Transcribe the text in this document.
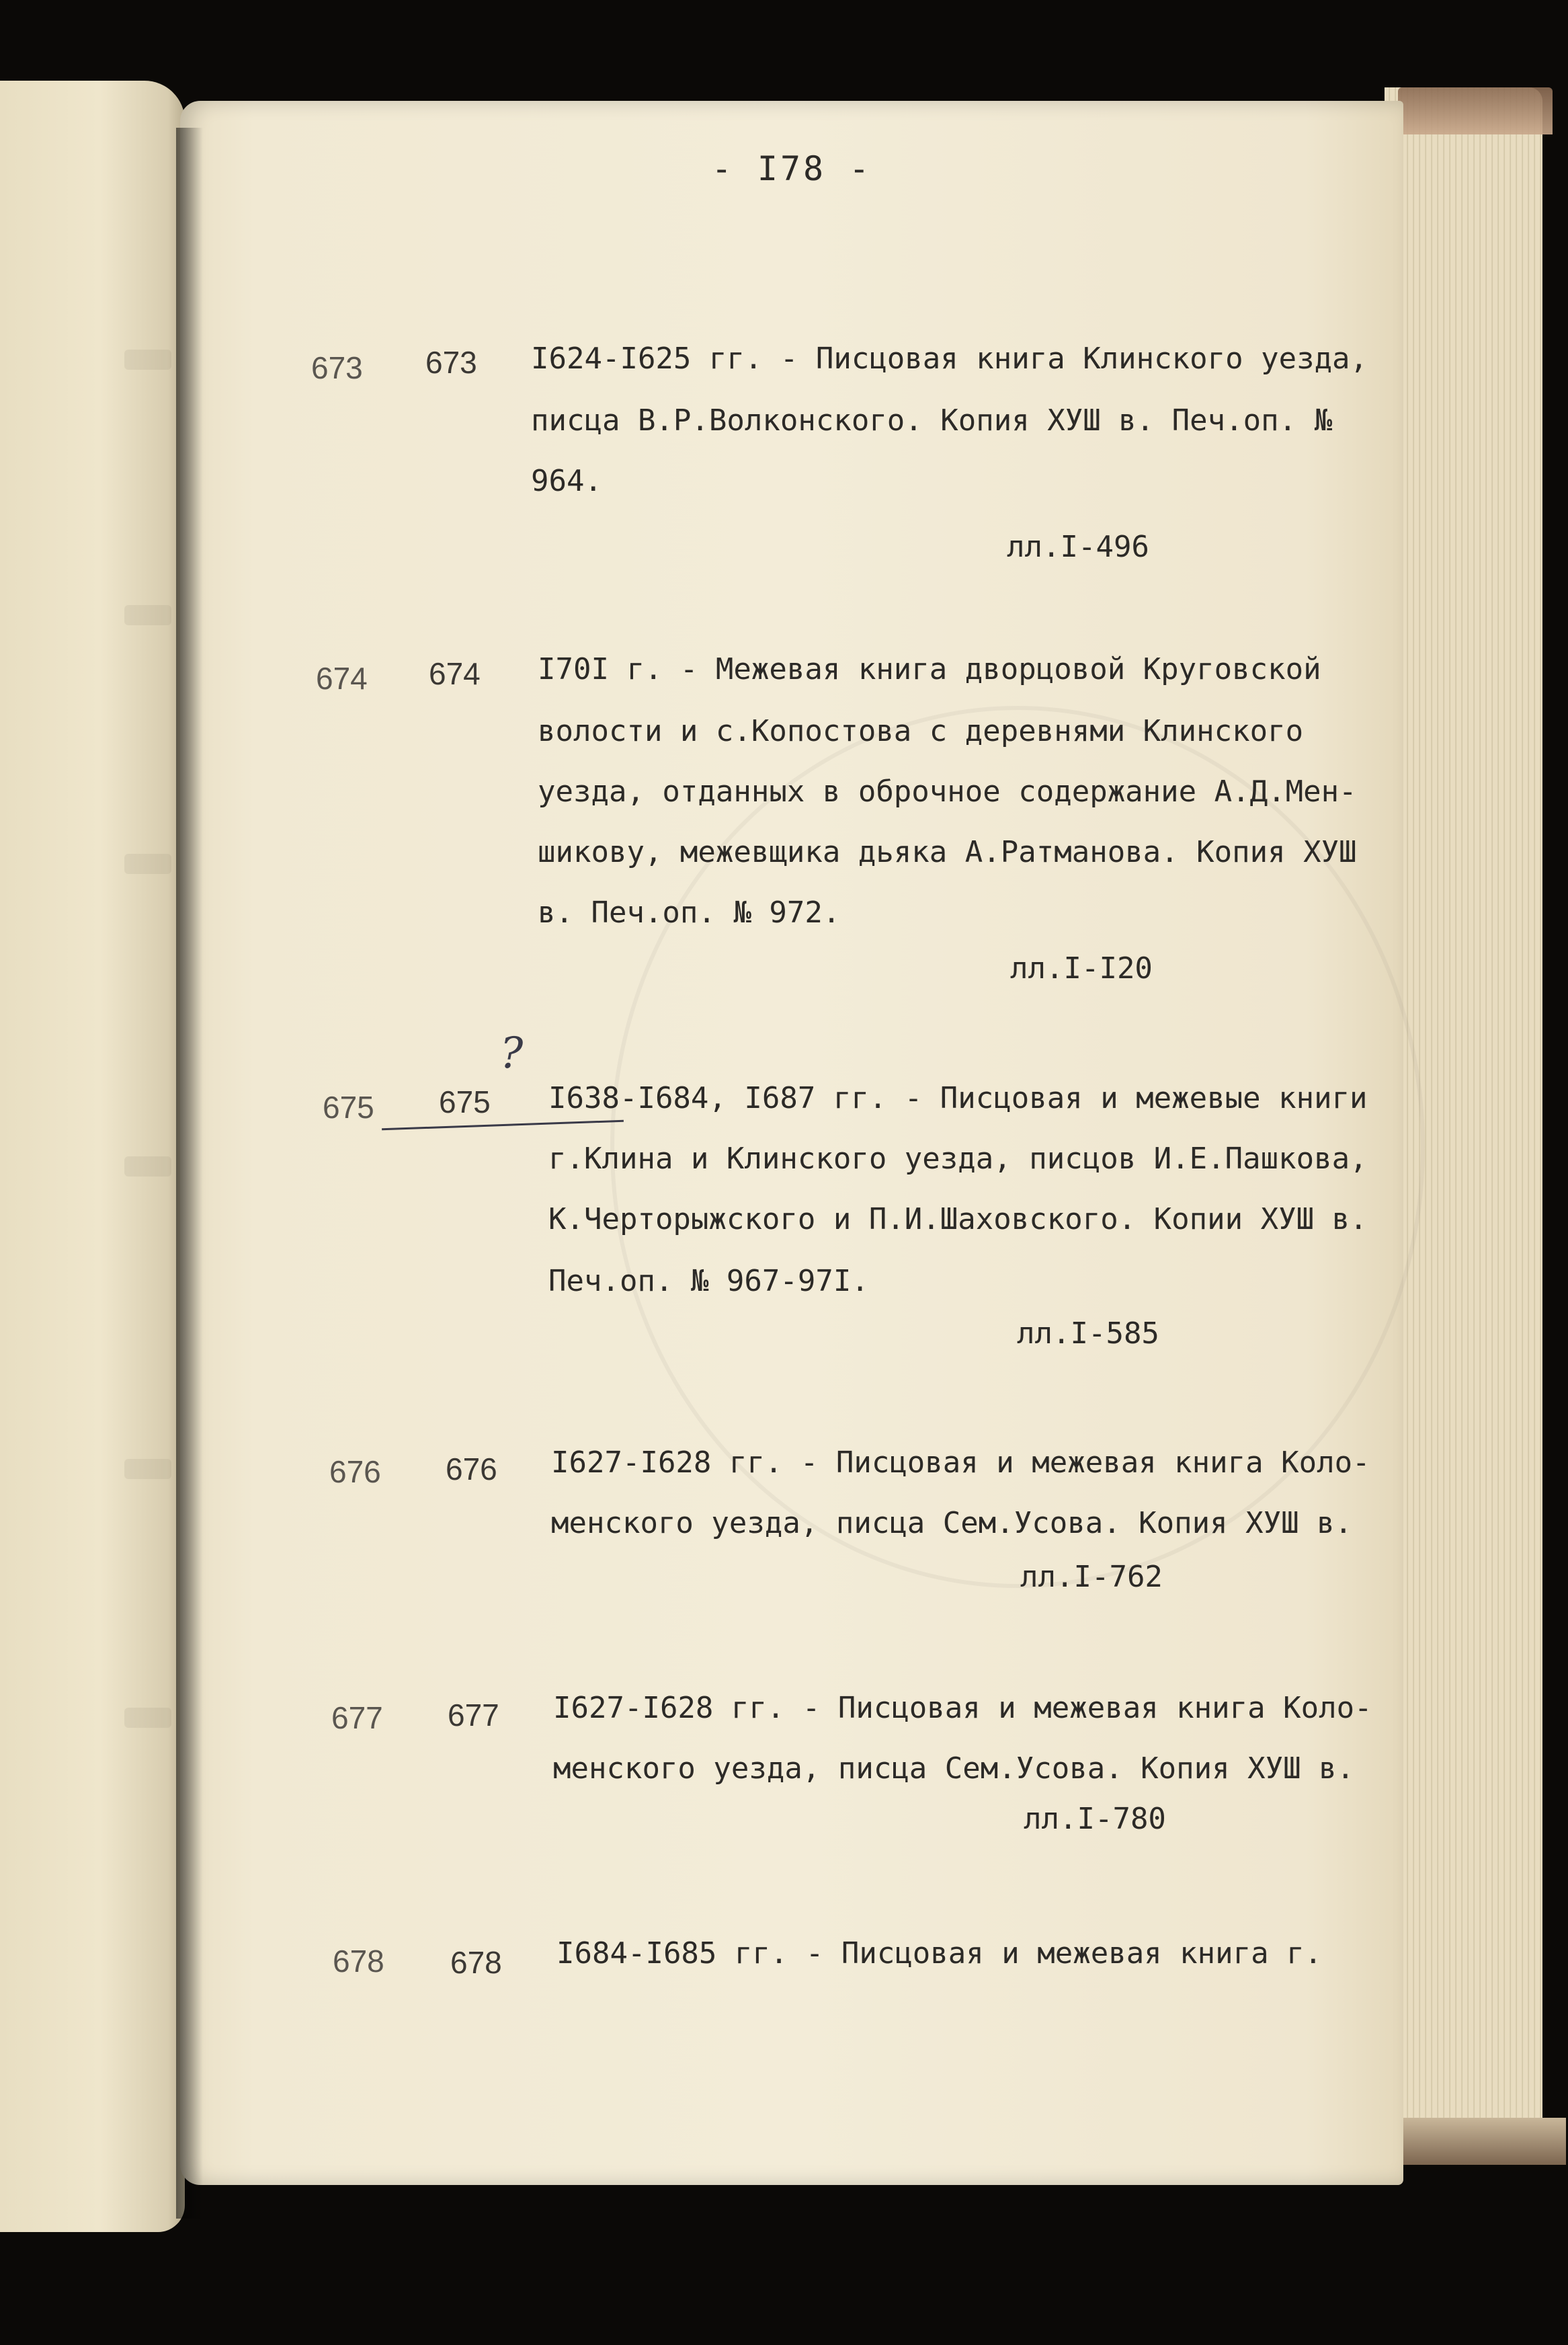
- I78 -
673 673 I624-I625 гг. - Писцовая книга Клинского уезда,
писца В.Р.Волконского. Копия ХУШ в. Печ.оп. №
964.
лл.I-496
674 674 I70I г. - Межевая книга дворцовой Круговской
волости и с.Копостова с деревнями Клинского
уезда, отданных в оброчное содержание А.Д.Мен-
шикову, межевщика дьяка А.Ратманова. Копия ХУШ
в. Печ.оп. № 972.
лл.I-I20
675 675
?
I638-I684, I687 гг. - Писцовая и межевые книги
г.Клина и Клинского уезда, писцов И.Е.Пашкова,
К.Черторыжского и П.И.Шаховского. Копии ХУШ в.
Печ.оп. № 967-97I.
лл.I-585
676 676 I627-I628 гг. - Писцовая и межевая книга Коло-
менского уезда, писца Сем.Усова. Копия ХУШ в.
лл.I-762
677 677 I627-I628 гг. - Писцовая и межевая книга Коло-
менского уезда, писца Сем.Усова. Копия ХУШ в.
лл.I-780
678 678 I684-I685 гг. - Писцовая и межевая книга г.
